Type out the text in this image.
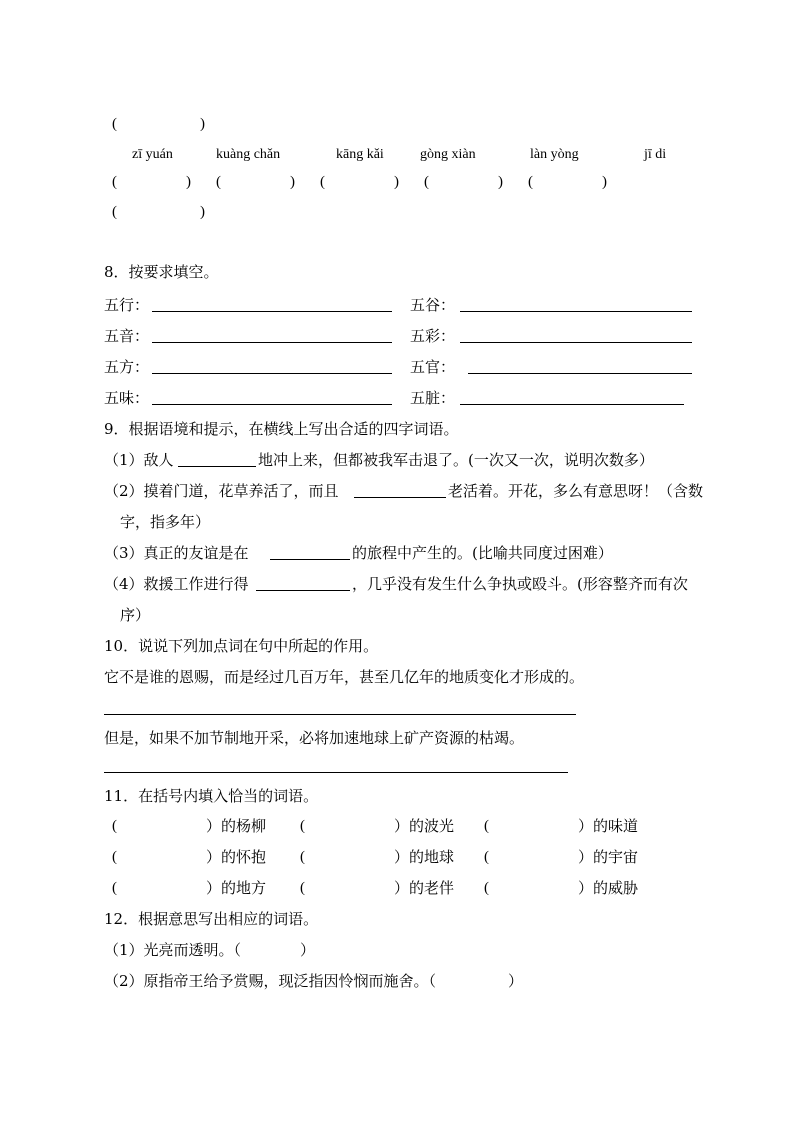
(	)
zī yuán	kuàng chǎn	kāng kǎi	gòng xiàn	làn yòng	jī di
(	) (	) (	) (	) (	)
(	)
8．按要求填空。
五行：	五谷：
五音：	五彩：
五方：	五官：
五味：	五脏：
9．根据语境和提示，在横线上写出合适的四字词语。
（1）敌人	地冲上来，但都被我军击退了。(一次又一次，说明次数多）
（2）摸着门道，花草养活了，而且	老活着。开花，多么有意思呀！（含数
字，指多年）
（3）真正的友谊是在	的旅程中产生的。(比喻共同度过困难）
（4）救援工作进行得	，几乎没有发生什么争执或殴斗。(形容整齐而有次
序）
10．说说下列加点词在句中所起的作用。
它不是谁的恩赐，而是经过几百万年，甚至几亿年的地质变化才形成的。
但是，如果不加节制地开采，必将加速地球上矿产资源的枯竭。
11．在括号内填入恰当的词语。
(	）的杨柳 (	）的波光 (	）的味道
(	）的怀抱 (	）的地球 (	）的宇宙
(	）的地方 (	）的老伴 (	）的威胁
12．根据意思写出相应的词语。
（1）光亮而透明。（	）
（2）原指帝王给予赏赐，现泛指因怜悯而施舍。（	）
